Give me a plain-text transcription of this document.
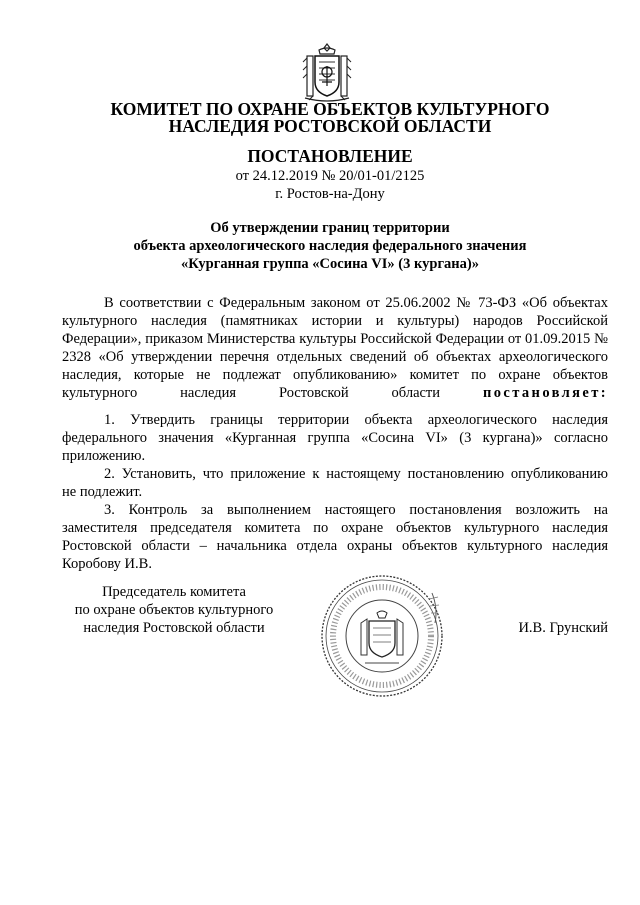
КОМИТЕТ ПО ОХРАНЕ ОБЪЕКТОВ КУЛЬТУРНОГО
НАСЛЕДИЯ РОСТОВСКОЙ ОБЛАСТИ
ПОСТАНОВЛЕНИЕ
от 24.12.2019 № 20/01-01/2125
г. Ростов-на-Дону
Об утверждении границ территории
объекта археологического наследия федерального значения
«Курганная группа «Сосина VI» (3 кургана)»

В соответствии с Федеральным законом от 25.06.2002 № 73-ФЗ «Об объектах культурного наследия (памятниках истории и культуры) народов Российской Федерации», приказом Министерства культуры Российской Федерации от 01.09.2015 № 2328 «Об утверждении перечня отдельных сведений об объектах археологического наследия, которые не подлежат опубликованию» комитет по охране объектов культурного наследия Ростовской области	постановляет:

1. Утвердить границы территории объекта археологического наследия федерального значения «Курганная группа «Сосина VI» (3 кургана)» согласно приложению.

2. Установить, что приложение к настоящему постановлению опубликованию

не подлежит.

3. Контроль за выполнением настоящего постановления возложить на заместителя председателя комитета по охране объектов культурного наследия Ростовской области – начальника отдела охраны объектов культурного наследия Коробову И.В.

Председатель комитета
по охране объектов культурного
наследия Ростовской области	И.В. Грунский
